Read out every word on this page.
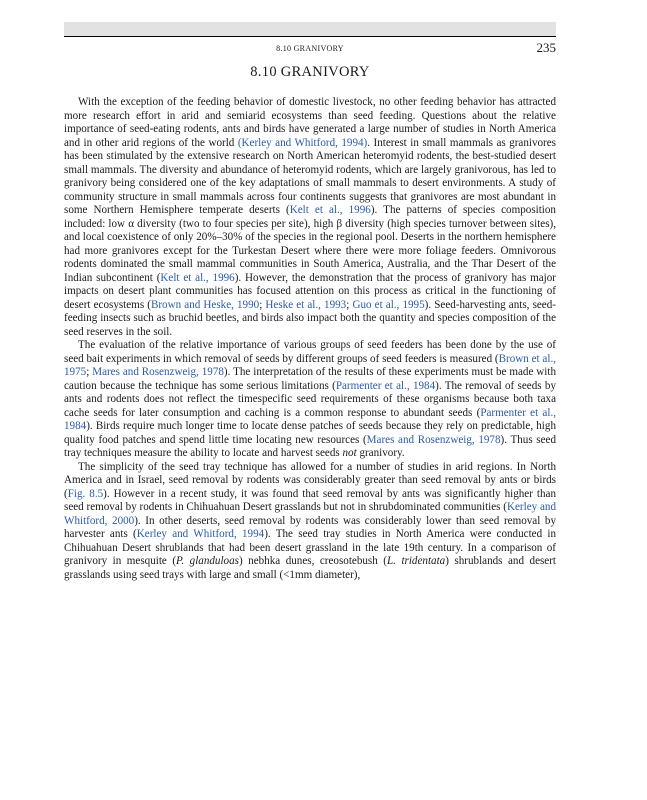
8.10 GRANIVORY	235
8.10 GRANIVORY

With the exception of the feeding behavior of domestic livestock, no other feeding behavior has attracted more research effort in arid and semiarid ecosystems than seed feeding. Questions about the relative importance of seed-eating rodents, ants and birds have generated a large number of studies in North America and in other arid regions of the world (Kerley and Whitford, 1994). Interest in small mammals as granivores has been stimulated by the extensive research on North American heteromyid rodents, the best-studied desert small mammals. The diversity and abundance of heteromyid rodents, which are largely granivorous, has led to granivory being considered one of the key adaptations of small mammals to desert environments. A study of community structure in small mammals across four continents suggests that granivores are most abundant in some Northern Hemisphere temperate deserts (Kelt et al., 1996). The patterns of species composition included: low α diversity (two to four species per site), high β diversity (high species turnover between sites), and local coexistence of only 20%–30% of the species in the regional pool. Deserts in the northern hemisphere had more granivores except for the Turkestan Desert where there were more foliage feeders. Omnivorous rodents dominated the small mammal communities in South America, Australia, and the Thar Desert of the Indian subcontinent (Kelt et al., 1996). However, the demonstration that the process of granivory has major impacts on desert plant communities has focused attention on this process as critical in the functioning of desert ecosystems (Brown and Heske, 1990; Heske et al., 1993; Guo et al., 1995). Seed-harvesting ants, seedfeeding insects such as bruchid beetles, and birds also impact both the quantity and species composition of the seed reserves in the soil.

The evaluation of the relative importance of various groups of seed feeders has been done by the use of seed bait experiments in which removal of seeds by different groups of seed feeders is measured (Brown et al., 1975; Mares and Rosenzweig, 1978). The interpretation of the results of these experiments must be made with caution because the technique has some serious limitations (Parmenter et al., 1984). The removal of seeds by ants and rodents does not reflect the timespecific seed requirements of these organisms because both taxa cache seeds for later consumption and caching is a common response to abundant seeds (Parmenter et al., 1984). Birds require much longer time to locate dense patches of seeds because they rely on predictable, high quality food patches and spend little time locating new resources (Mares and Rosenzweig, 1978). Thus seed tray techniques measure the ability to locate and harvest seeds not granivory.

The simplicity of the seed tray technique has allowed for a number of studies in arid regions. In North America and in Israel, seed removal by rodents was considerably greater than seed removal by ants or birds (Fig. 8.5). However in a recent study, it was found that seed removal by ants was significantly higher than seed removal by rodents in Chihuahuan Desert grasslands but not in shrubdominated communities (Kerley and Whitford, 2000). In other deserts, seed removal by rodents was considerably lower than seed removal by harvester ants (Kerley and Whitford, 1994). The seed tray studies in North America were conducted in Chihuahuan Desert shrublands that had been desert grassland in the late 19th century. In a comparison of granivory in mesquite (P. glanduloas) nebhka dunes, creosotebush (L. tridentata) shrublands and desert grasslands using seed trays with large and small (<1mm diameter),
